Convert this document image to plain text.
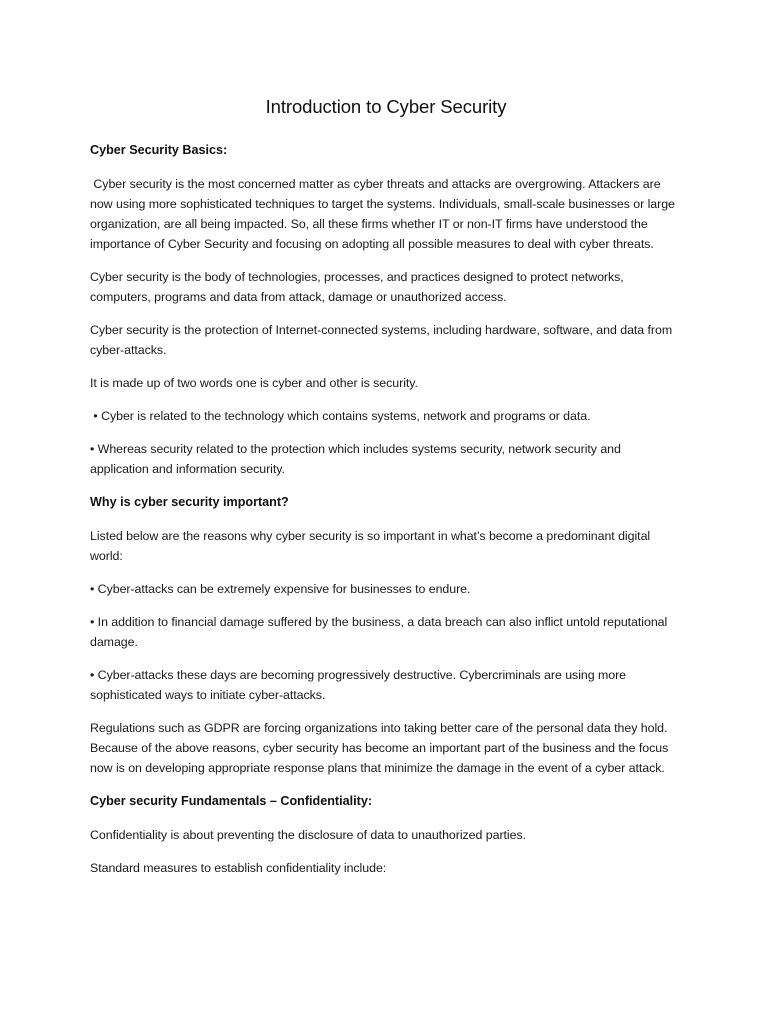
Introduction to Cyber Security
Cyber Security Basics:

Cyber security is the most concerned matter as cyber threats and attacks are overgrowing. Attackers are now using more sophisticated techniques to target the systems. Individuals, small-scale businesses or large organization, are all being impacted. So, all these firms whether IT or non-IT firms have understood the importance of Cyber Security and focusing on adopting all possible measures to deal with cyber threats.

Cyber security is the body of technologies, processes, and practices designed to protect networks, computers, programs and data from attack, damage or unauthorized access.

Cyber security is the protection of Internet-connected systems, including hardware, software, and data from cyber-attacks.

It is made up of two words one is cyber and other is security.

• Cyber is related to the technology which contains systems, network and programs or data.

• Whereas security related to the protection which includes systems security, network security and application and information security.

Why is cyber security important?

Listed below are the reasons why cyber security is so important in what’s become a predominant digital world:

• Cyber-attacks can be extremely expensive for businesses to endure.

• In addition to financial damage suffered by the business, a data breach can also inflict untold reputational damage.

• Cyber-attacks these days are becoming progressively destructive. Cybercriminals are using more sophisticated ways to initiate cyber-attacks.

Regulations such as GDPR are forcing organizations into taking better care of the personal data they hold. Because of the above reasons, cyber security has become an important part of the business and the focus now is on developing appropriate response plans that minimize the damage in the event of a cyber attack.

Cyber security Fundamentals – Confidentiality:

Confidentiality is about preventing the disclosure of data to unauthorized parties.

Standard measures to establish confidentiality include:
